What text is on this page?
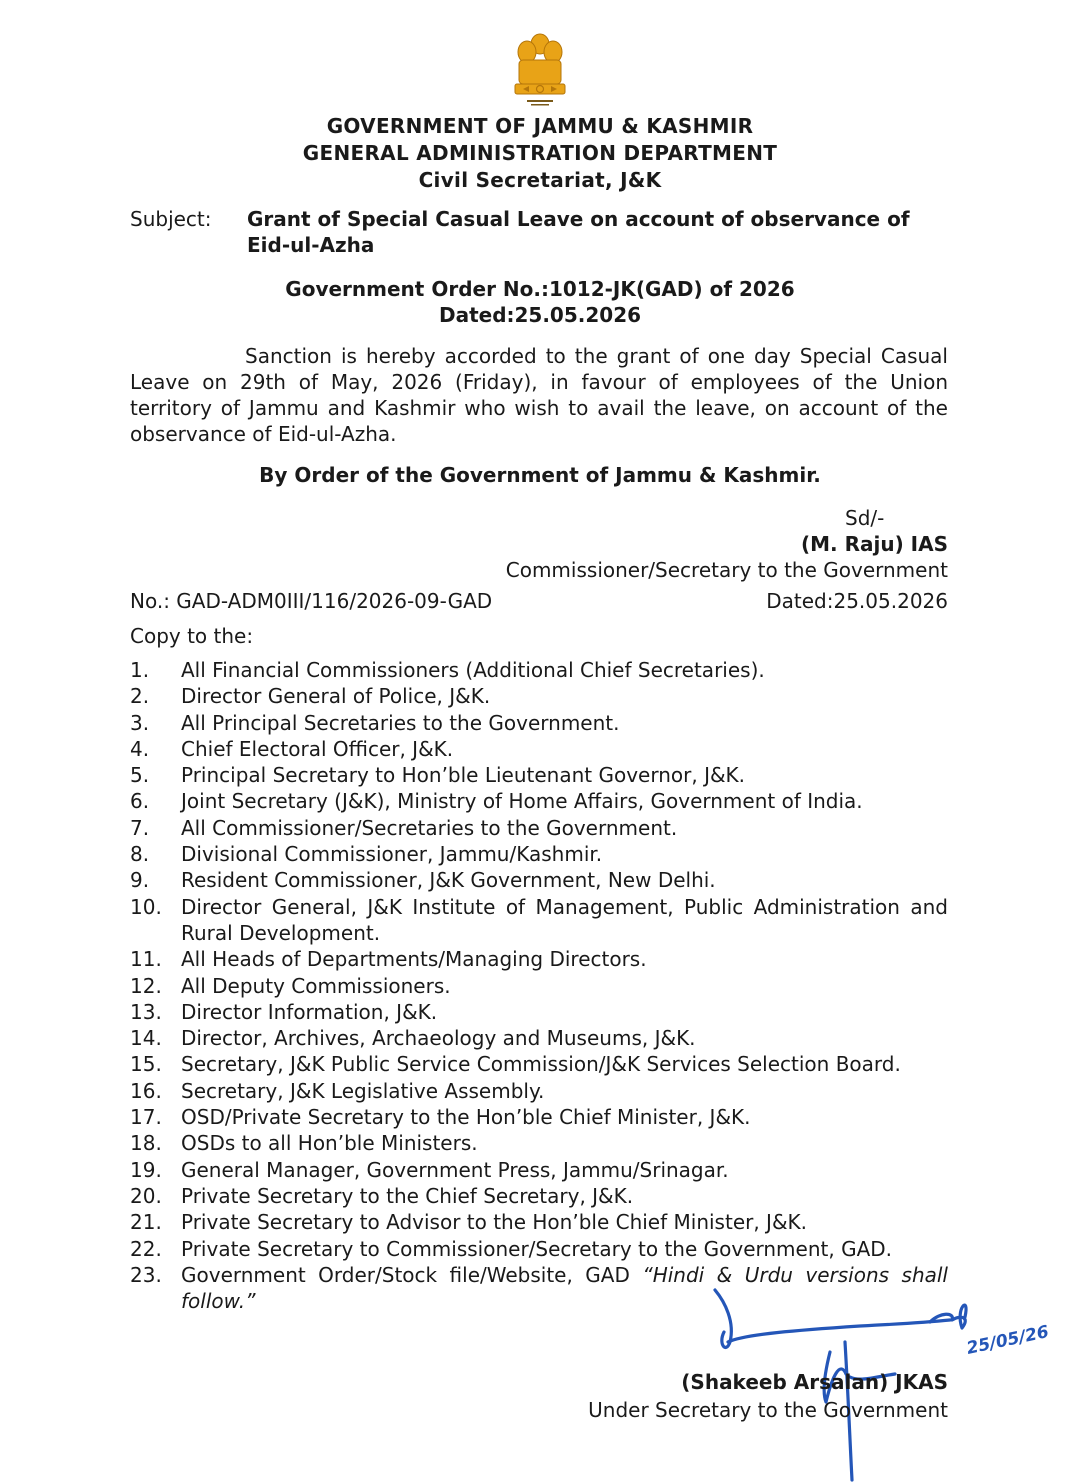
GOVERNMENT OF JAMMU & KASHMIR
GENERAL ADMINISTRATION DEPARTMENT
Civil Secretariat, J&K
Subject: Grant of Special Casual Leave on account of observance of Eid-ul-Azha
Government Order No.:1012-JK(GAD) of 2026
Dated:25.05.2026
Sanction is hereby accorded to the grant of one day Special Casual Leave on 29th of May, 2026 (Friday), in favour of employees of the Union territory of Jammu and Kashmir who wish to avail the leave, on account of the observance of Eid-ul-Azha.
By Order of the Government of Jammu & Kashmir.
Sd/-
(M. Raju) IAS
Commissioner/Secretary to the Government
No.: GAD-ADM0III/116/2026-09-GAD	Dated:25.05.2026
Copy to the:
1. All Financial Commissioners (Additional Chief Secretaries).
2. Director General of Police, J&K.
3. All Principal Secretaries to the Government.
4. Chief Electoral Officer, J&K.
5. Principal Secretary to Hon’ble Lieutenant Governor, J&K.
6. Joint Secretary (J&K), Ministry of Home Affairs, Government of India.
7. All Commissioner/Secretaries to the Government.
8. Divisional Commissioner, Jammu/Kashmir.
9. Resident Commissioner, J&K Government, New Delhi.
10. Director General, J&K Institute of Management, Public Administration and Rural Development.
11. All Heads of Departments/Managing Directors.
12. All Deputy Commissioners.
13. Director Information, J&K.
14. Director, Archives, Archaeology and Museums, J&K.
15. Secretary, J&K Public Service Commission/J&K Services Selection Board.
16. Secretary, J&K Legislative Assembly.
17. OSD/Private Secretary to the Hon’ble Chief Minister, J&K.
18. OSDs to all Hon’ble Ministers.
19. General Manager, Government Press, Jammu/Srinagar.
20. Private Secretary to the Chief Secretary, J&K.
21. Private Secretary to Advisor to the Hon’ble Chief Minister, J&K.
22. Private Secretary to Commissioner/Secretary to the Government, GAD.
23. Government Order/Stock file/Website, GAD “Hindi & Urdu versions shall follow.”
25/05/26
(Shakeeb Arsalan) JKAS
Under Secretary to the Government
